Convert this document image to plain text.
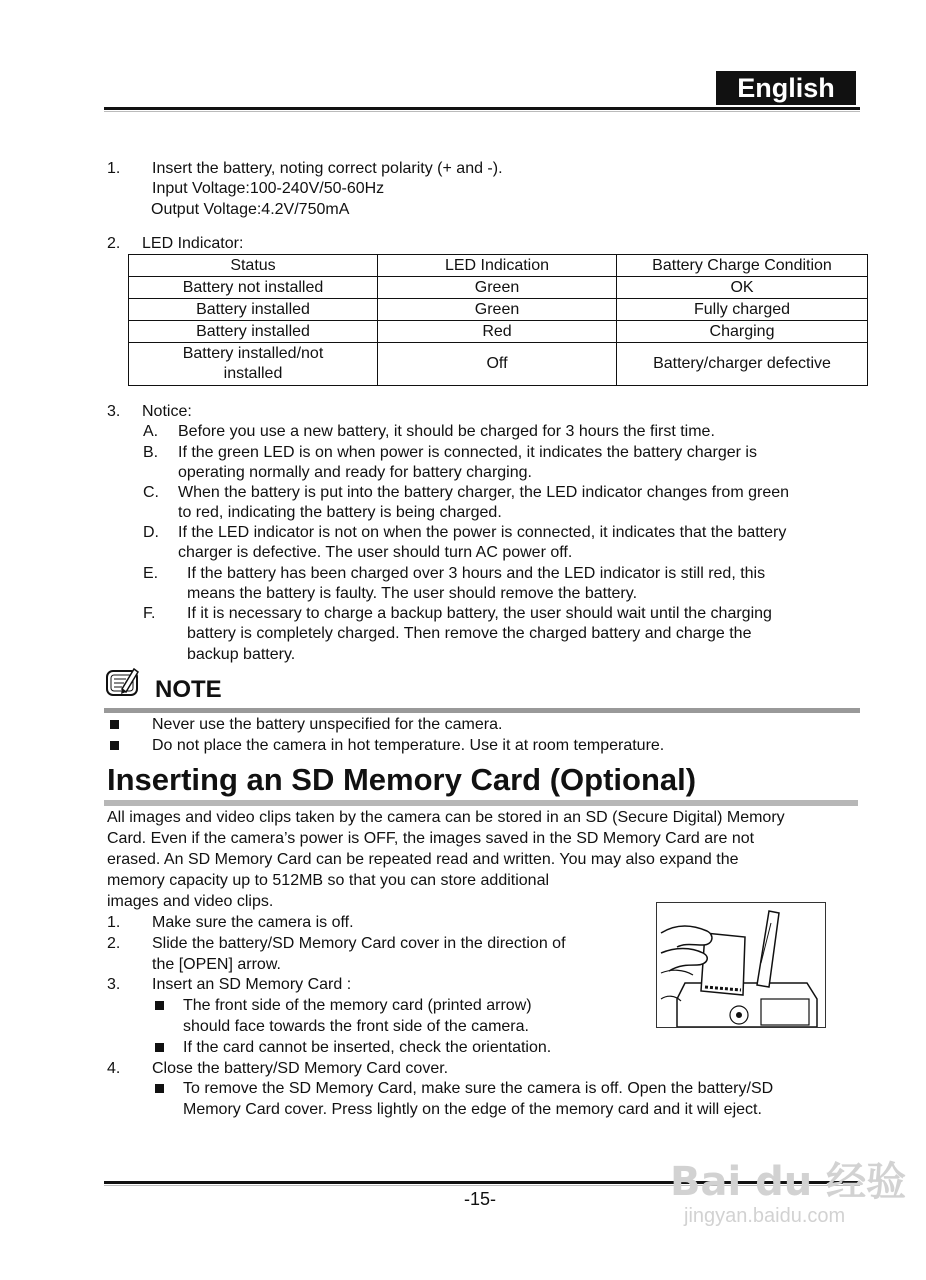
English
1. Insert the battery, noting correct polarity (+ and -).
Input Voltage:100-240V/50-60Hz
Output Voltage:4.2V/750mA
2. LED Indicator:
Status	LED Indication	Battery Charge Condition
Battery not installed	Green	OK
Battery installed	Green	Fully charged
Battery installed	Red	Charging

Battery installed/not
installed	Off	Battery/charger defective
3. Notice:
A. Before you use a new battery, it should be charged for 3 hours the first time.
B. If the green LED is on when power is connected, it indicates the battery charger is
operating normally and ready for battery charging.
C. When the battery is put into the battery charger, the LED indicator changes from green
to red, indicating the battery is being charged.
D. If the LED indicator is not on when the power is connected, it indicates that the battery
charger is defective. The user should turn AC power off.
E. If the battery has been charged over 3 hours and the LED indicator is still red, this
means the battery is faulty. The user should remove the battery.
F. If it is necessary to charge a backup battery, the user should wait until the charging
battery is completely charged. Then remove the charged battery and charge the
backup battery.
NOTE
Never use the battery unspecified for the camera.
Do not place the camera in hot temperature. Use it at room temperature.
Inserting an SD Memory Card (Optional)
All images and video clips taken by the camera can be stored in an SD (Secure Digital) Memory
Card. Even if the camera’s power is OFF, the images saved in the SD Memory Card are not
erased. An SD Memory Card can be repeated read and written. You may also expand the
memory capacity up to 512MB so that you can store additional
images and video clips.
1. Make sure the camera is off.
2. Slide the battery/SD Memory Card cover in the direction of
the [OPEN] arrow.
3. Insert an SD Memory Card :
The front side of the memory card (printed arrow)
should face towards the front side of the camera.
If the card cannot be inserted, check the orientation.
4. Close the battery/SD Memory Card cover.
To remove the SD Memory Card, make sure the camera is off. Open the battery/SD
Memory Card cover. Press lightly on the edge of the memory card and it will eject.
-15-	Bai du 经验
jingyan.baidu.com
